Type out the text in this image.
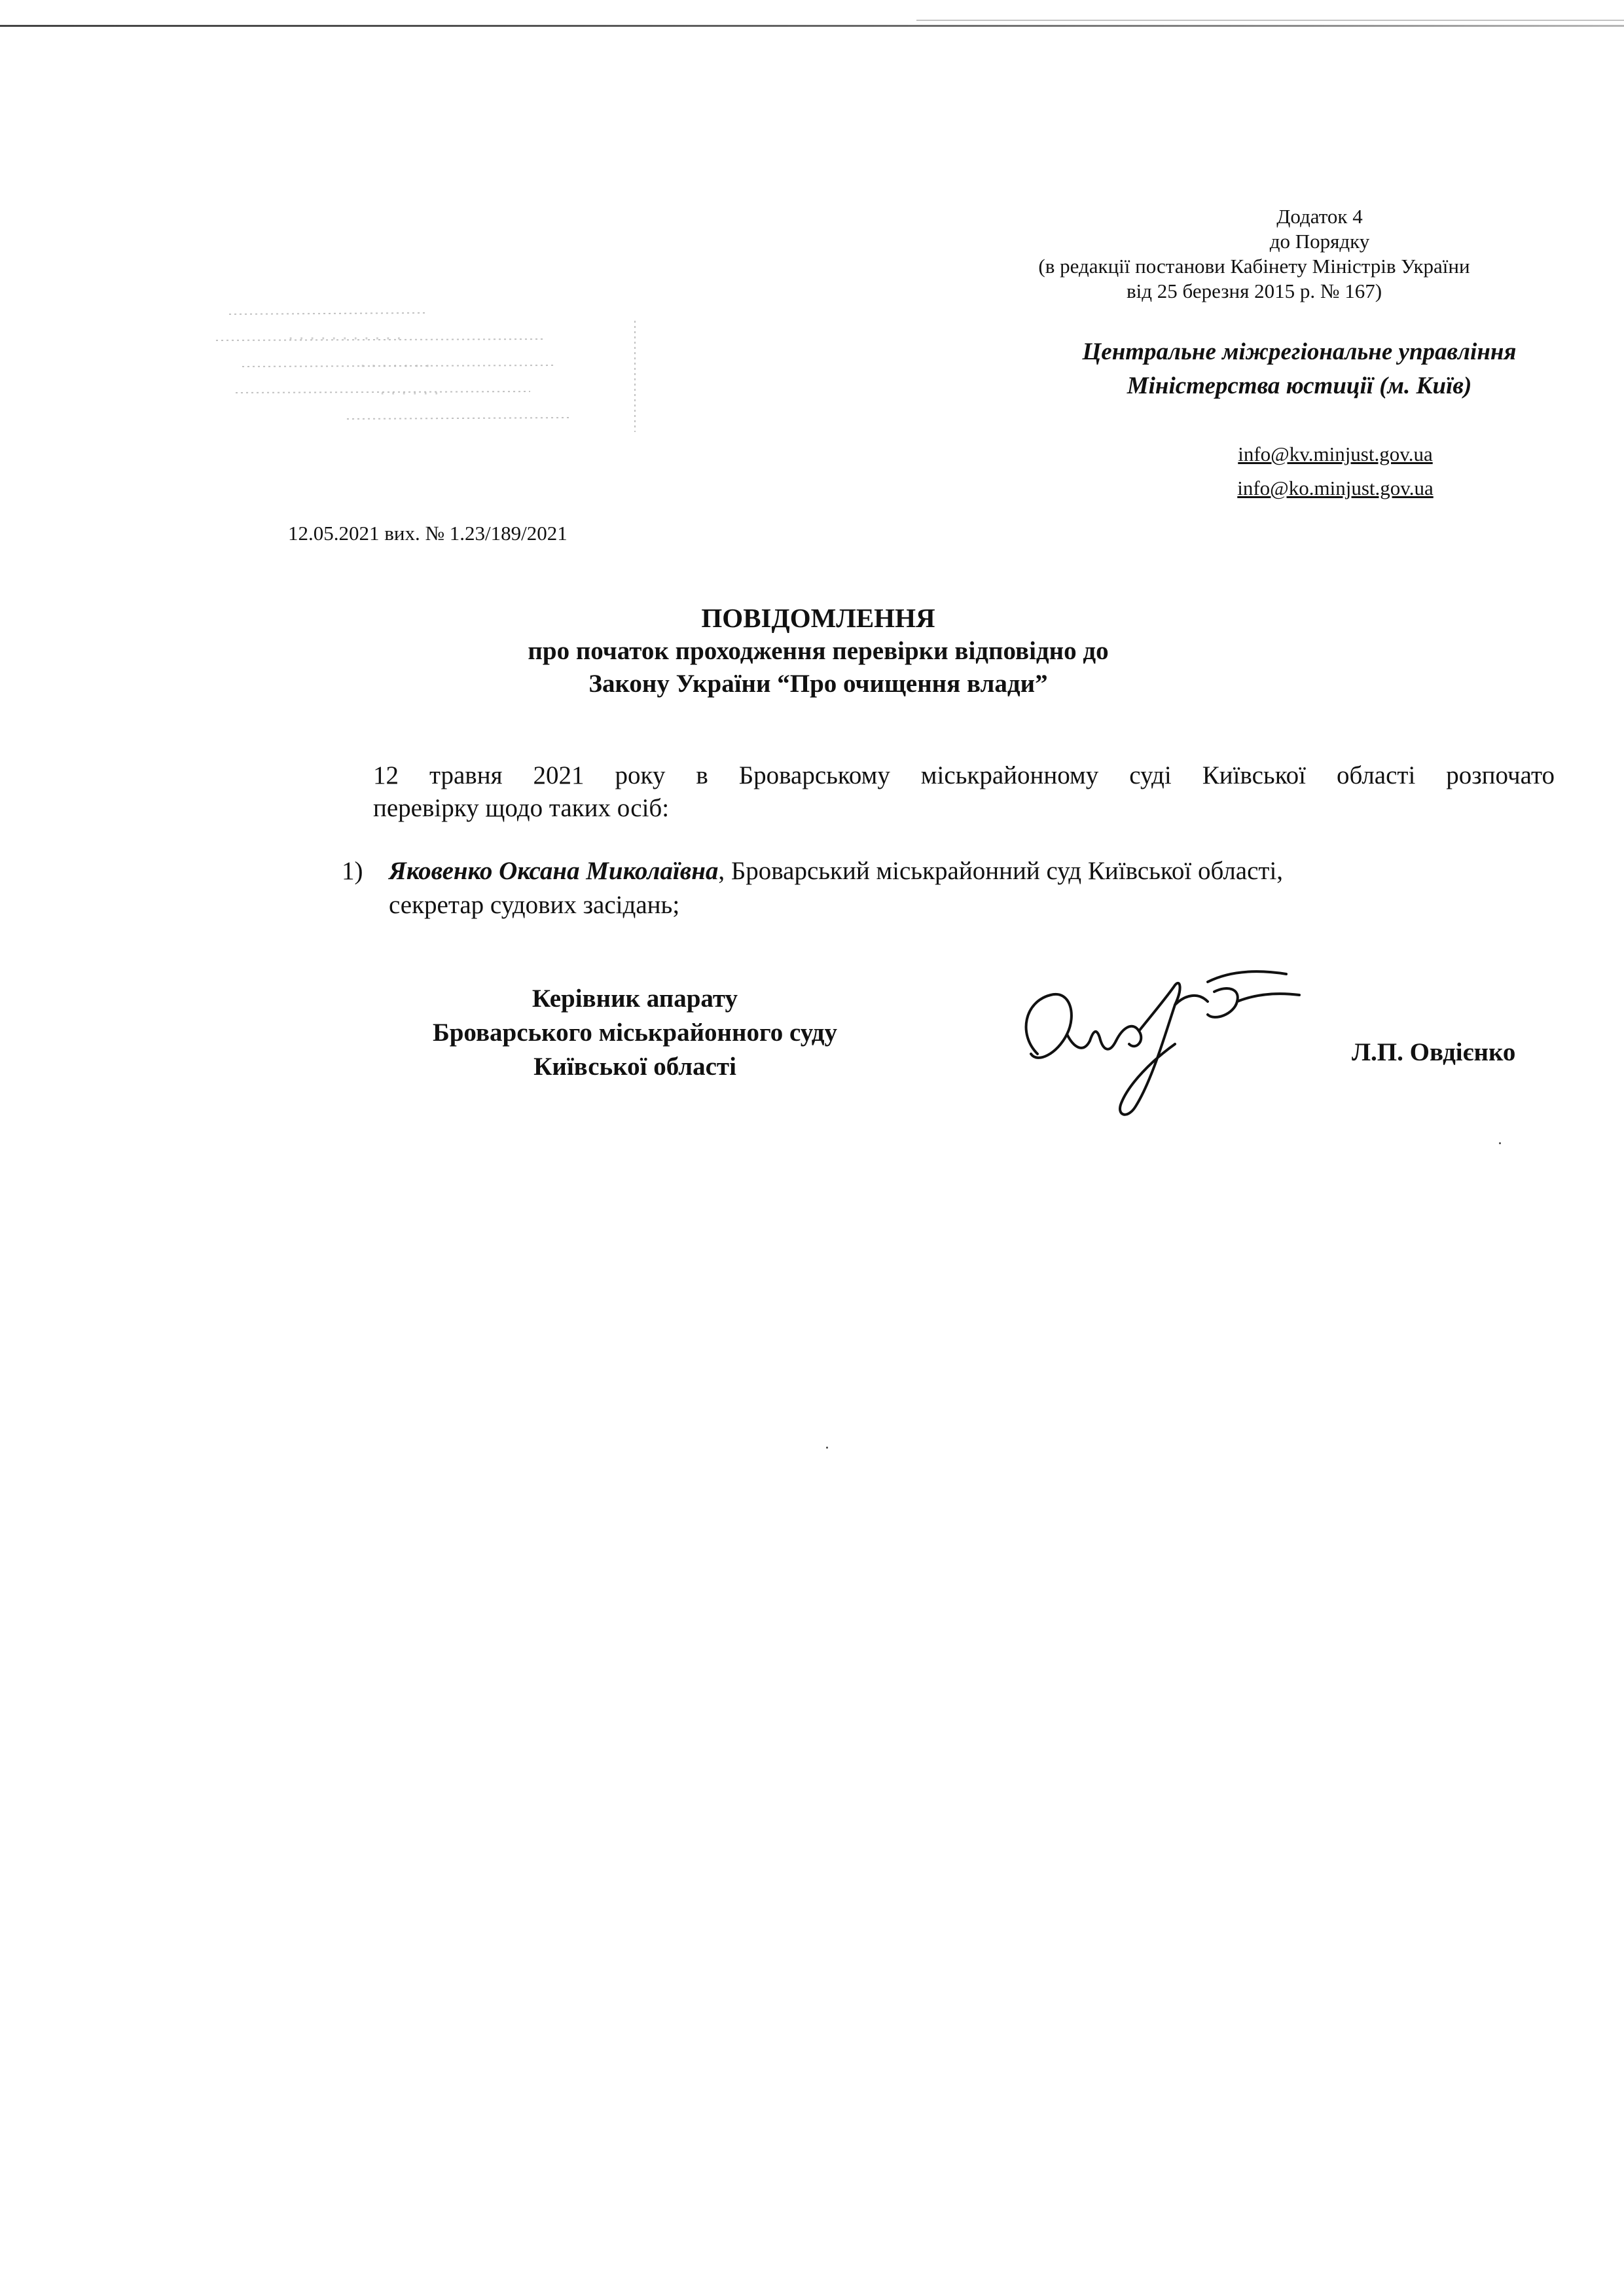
Додаток 4
до Порядку
(в редакції постанови Кабінету Міністрів України
від 25 березня 2015 р. № 167)
· · · · · · · · · · ·
· · · · · · ·
· · · · · ·
Центральне міжрегіональне управління
Міністерства юстиції (м. Київ)
info@kv.minjust.gov.ua
info@ko.minjust.gov.ua
12.05.2021 вих. № 1.23/189/2021
ПОВІДОМЛЕННЯ
про початок проходження перевірки відповідно до
Закону України “Про очищення влади”
12 травня 2021 року в Броварському міськрайонному суді Київської області розпочато
перевірку щодо таких осіб:
1) Яковенко Оксана Миколаївна, Броварський міськрайонний суд Київської області,
секретар судових засідань;
Керівник апарату
Броварського міськрайонного суду
Київської області
Л.П. Овдієнко
